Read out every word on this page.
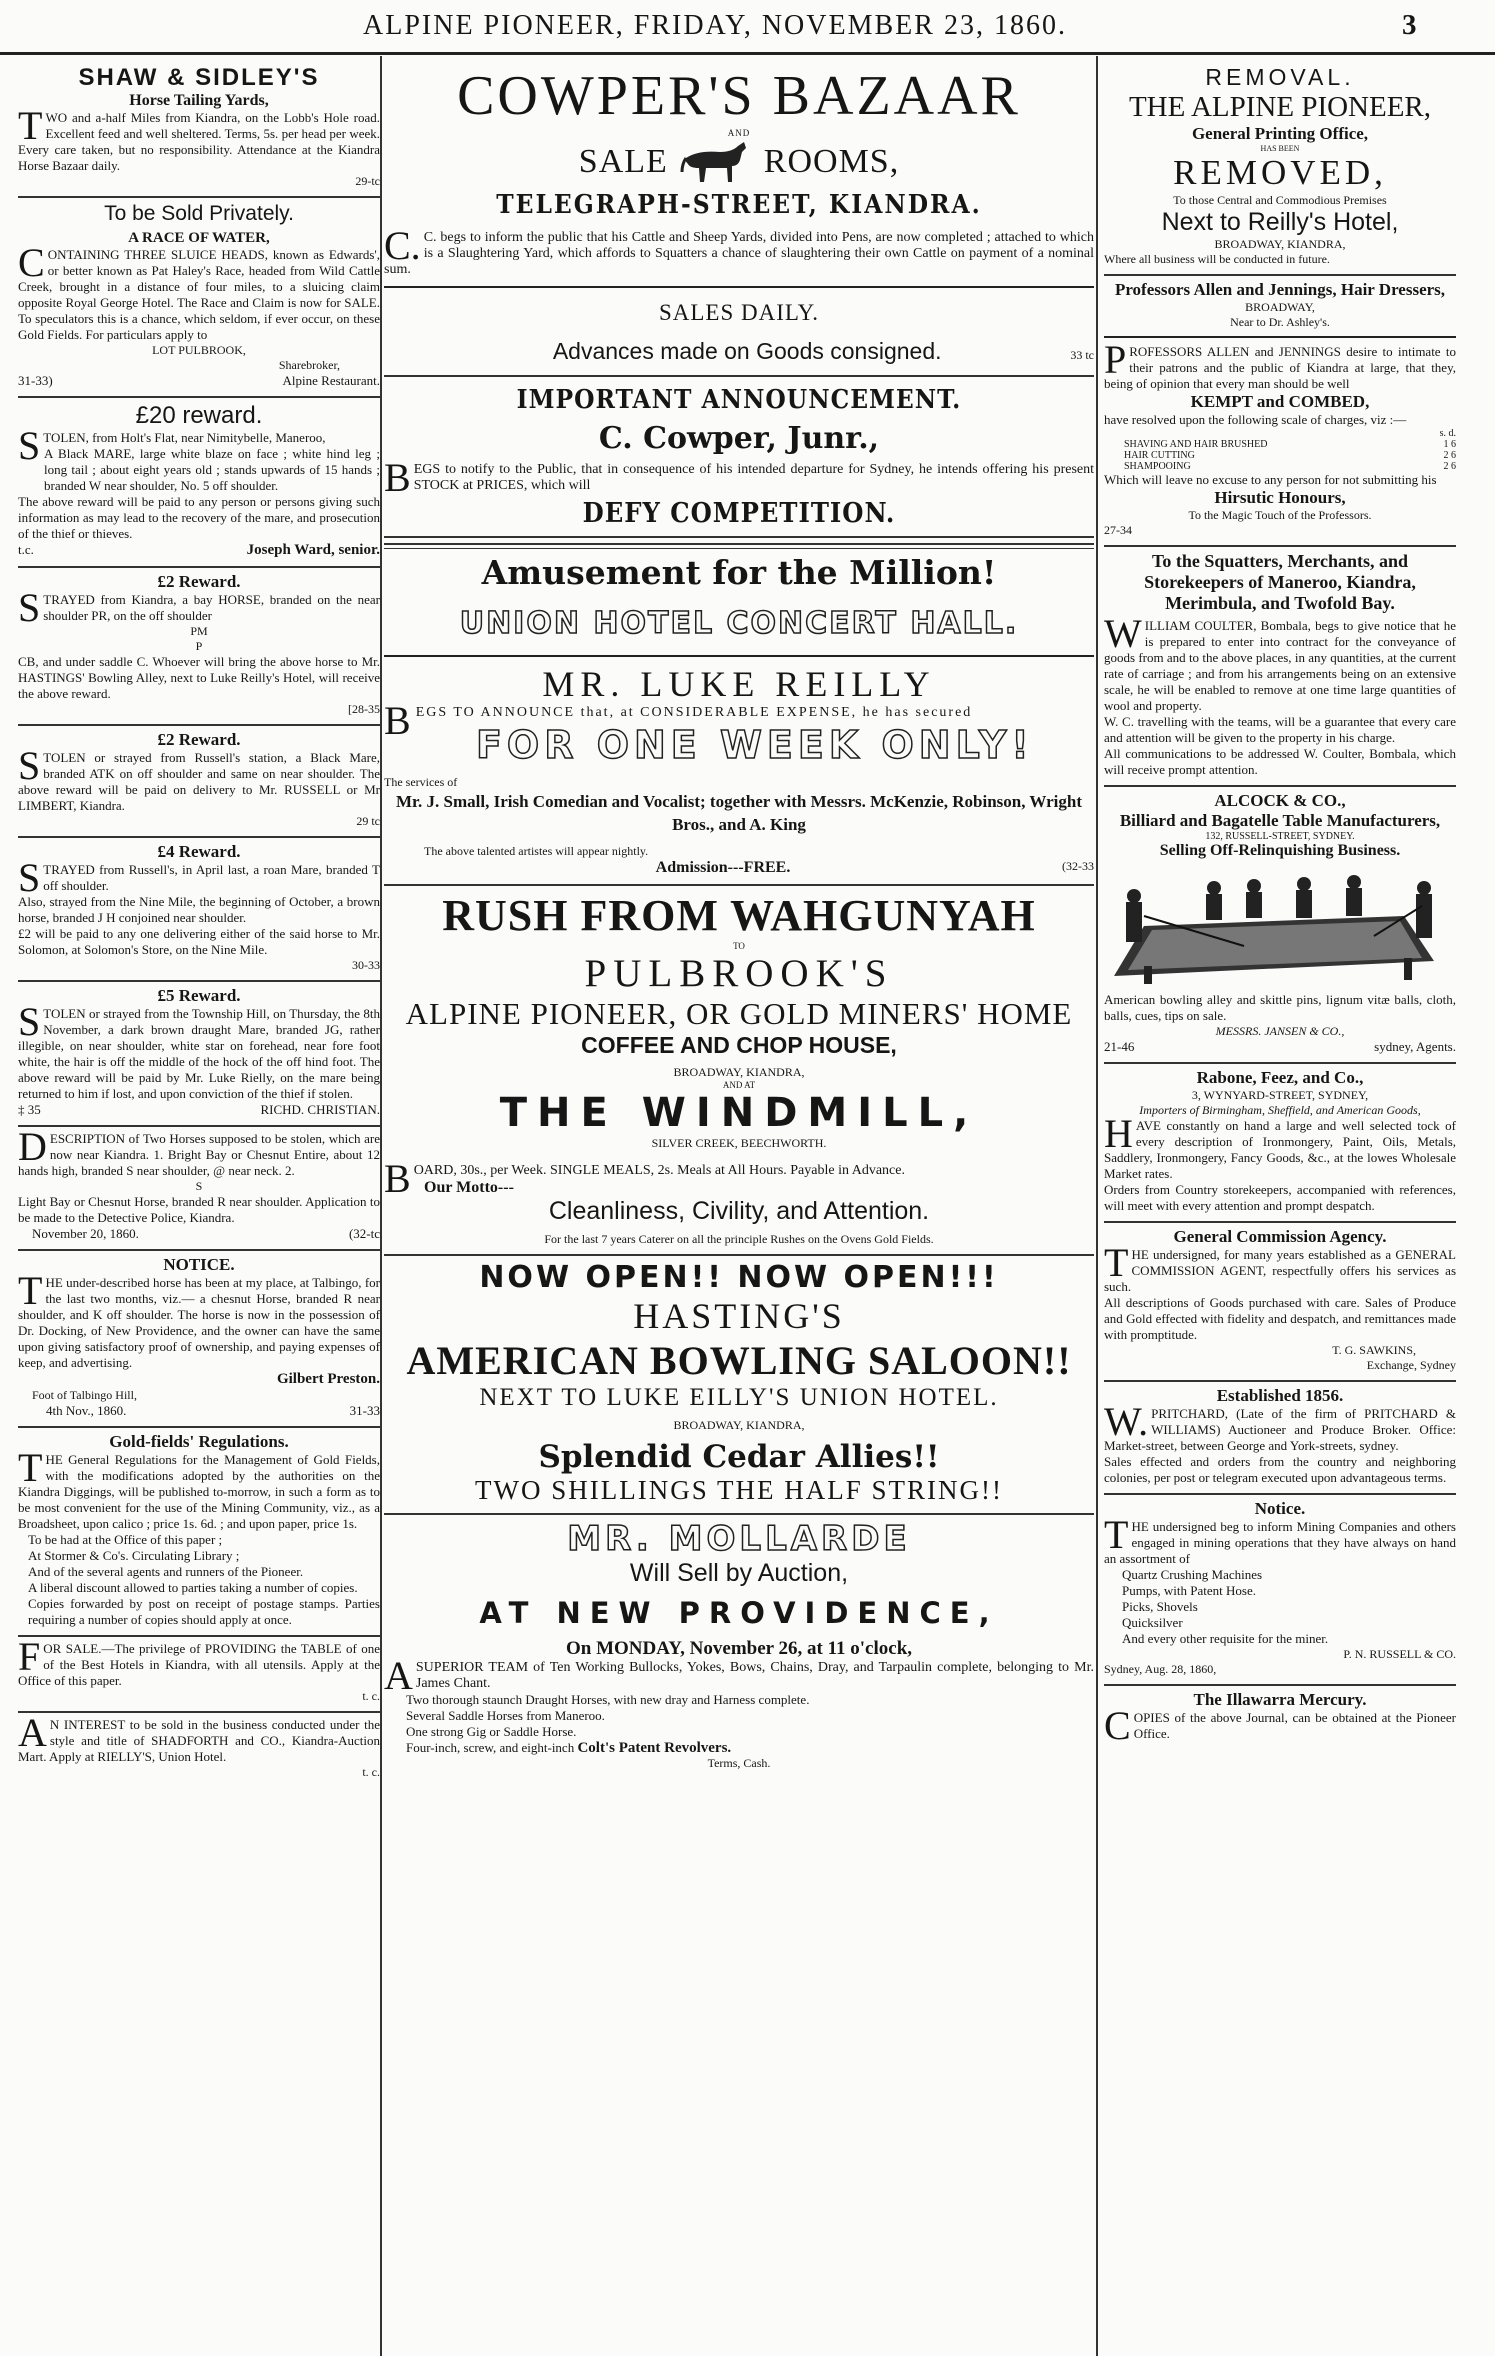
ALPINE PIONEER, FRIDAY, NOVEMBER 23, 1860.	3
SHAW & SIDLEY'S
Horse Tailing Yards,
TWO and a-half Miles from Kiandra, on the Lobb's Hole road. Excellent feed and well sheltered. Terms, 5s. per head per week. Every care taken, but no responsibility. Attendance at the Kiandra Horse Bazaar daily.
29-tc
To be Sold Privately.
A RACE OF WATER,
CONTAINING THREE SLUICE HEADS, known as Edwards', or better known as Pat Haley's Race, headed from Wild Cattle Creek, brought in a distance of four miles, to a sluicing claim opposite Royal George Hotel. The Race and Claim is now for SALE. To speculators this is a chance, which seldom, if ever occur, on these Gold Fields. For particulars apply to
LOT PULBROOK,
Sharebroker,
31-33)	Alpine Restaurant.
£20 reward.
STOLEN, from Holt's Flat, near Nimitybelle, Maneroo,
A Black MARE, large white blaze on face ; white hind leg ; long tail ; about eight years old ; stands upwards of 15 hands ; branded W near shoulder, No. 5 off shoulder.
The above reward will be paid to any person or persons giving such information as may lead to the recovery of the mare, and prosecution of the thief or thieves.
t.c.	Joseph Ward, senior.
£2 Reward.
STRAYED from Kiandra, a bay HORSE, branded on the near shoulder PR, on the off shoulder
PM
P
CB, and under saddle C. Whoever will bring the above horse to Mr. HASTINGS' Bowling Alley, next to Luke Reilly's Hotel, will receive the above reward.
[28-35
£2 Reward.
STOLEN or strayed from Russell's station, a Black Mare, branded ATK on off shoulder and same on near shoulder. The above reward will be paid on delivery to Mr. RUSSELL or Mr LIMBERT, Kiandra.
29 tc
£4 Reward.
STRAYED from Russell's, in April last, a roan Mare, branded T off shoulder.
Also, strayed from the Nine Mile, the beginning of October, a brown horse, branded J H conjoined near shoulder.
£2 will be paid to any one delivering either of the said horse to Mr. Solomon, at Solomon's Store, on the Nine Mile.
30-33
£5 Reward.
STOLEN or strayed from the Township Hill, on Thursday, the 8th November, a dark brown draught Mare, branded JG, rather illegible, on near shoulder, white star on forehead, near fore foot white, the hair is off the middle of the hock of the off hind foot. The above reward will be paid by Mr. Luke Rielly, on the mare being returned to him if lost, and upon conviction of the thief if stolen.
‡ 35	RICHD. CHRISTIAN.
DESCRIPTION of Two Horses supposed to be stolen, which are now near Kiandra. 1. Bright Bay or Chesnut Entire, about 12 hands high, branded S near shoulder, @ near neck. 2.
S
Light Bay or Chesnut Horse, branded R near shoulder. Application to be made to the Detective Police, Kiandra.
November 20, 1860.	(32-tc
NOTICE.
THE under-described horse has been at my place, at Talbingo, for the last two months, viz.— a chesnut Horse, branded R near shoulder, and K off shoulder. The horse is now in the possession of Dr. Docking, of New Providence, and the owner can have the same upon giving satisfactory proof of ownership, and paying expenses of keep, and advertising.
Gilbert Preston.
Foot of Talbingo Hill,
4th Nov., 1860.	31-33
Gold-fields' Regulations.
THE General Regulations for the Management of Gold Fields, with the modifications adopted by the authorities on the Kiandra Diggings, will be published to-morrow, in such a form as to be most convenient for the use of the Mining Community, viz., as a Broadsheet, upon calico ; price 1s. 6d. ; and upon paper, price 1s.
To be had at the Office of this paper ;
At Stormer & Co's. Circulating Library ;
And of the several agents and runners of the Pioneer.
A liberal discount allowed to parties taking a number of copies.
Copies forwarded by post on receipt of postage stamps. Parties requiring a number of copies should apply at once.
FOR SALE.—The privilege of PROVIDING the TABLE of one of the Best Hotels in Kiandra, with all utensils. Apply at the Office of this paper.
t. c.
AN INTEREST to be sold in the business conducted under the style and title of SHADFORTH and CO., Kiandra-Auction Mart. Apply at RIELLY'S, Union Hotel.
t. c.
COWPER'S BAZAAR
AND
SALE	ROOMS,
TELEGRAPH-STREET, KIANDRA.
C.C. begs to inform the public that his Cattle and Sheep Yards, divided into Pens, are now completed ; attached to which is a Slaughtering Yard, which affords to Squatters a chance of slaughtering their own Cattle on payment of a nominal sum.
SALES DAILY.
Advances made on Goods consigned.	33 tc
IMPORTANT ANNOUNCEMENT.
C. Cowper, Junr.,
BEGS to notify to the Public, that in consequence of his intended departure for Sydney, he intends offering his present STOCK at PRICES, which will
DEFY COMPETITION.
Amusement for the Million!
UNION HOTEL CONCERT HALL.
MR. LUKE REILLY
BEGS TO ANNOUNCE that, at CONSIDERABLE EXPENSE, he has secured
FOR ONE WEEK ONLY!
The services of
Mr. J. Small, Irish Comedian and Vocalist; together with Messrs. McKenzie, Robinson, Wright Bros., and A. King
The above talented artistes will appear nightly.
Admission---FREE.	(32-33
RUSH FROM WAHGUNYAH
TO
PULBROOK'S
ALPINE PIONEER, OR GOLD MINERS' HOME
COFFEE AND CHOP HOUSE,
BROADWAY, KIANDRA,
AND AT
THE WINDMILL,
SILVER CREEK, BEECHWORTH.
BOARD, 30s., per Week. SINGLE MEALS, 2s. Meals at All Hours. Payable in Advance.
Our Motto---
Cleanliness, Civility, and Attention.
For the last 7 years Caterer on all the principle Rushes on the Ovens Gold Fields.
NOW OPEN!! NOW OPEN!!!
HASTING'S
AMERICAN BOWLING SALOON!!
NEXT TO LUKE EILLY'S UNION HOTEL.
BROADWAY, KIANDRA,
Splendid Cedar Allies!!
TWO SHILLINGS THE HALF STRING!!
MR. MOLLARDE
Will Sell by Auction,
AT NEW PROVIDENCE,
On MONDAY, November 26, at 11 o'clock,
ASUPERIOR TEAM of Ten Working Bullocks, Yokes, Bows, Chains, Dray, and Tarpaulin complete, belonging to Mr. James Chant.
Two thorough staunch Draught Horses, with new dray and Harness complete.
Several Saddle Horses from Maneroo.
One strong Gig or Saddle Horse.
Four-inch, screw, and eight-inch Colt's Patent Revolvers.
Terms, Cash.
REMOVAL.
THE ALPINE PIONEER,
General Printing Office,
HAS BEEN
REMOVED,
To those Central and Commodious Premises
Next to Reilly's Hotel,
BROADWAY, KIANDRA,
Where all business will be conducted in future.
Professors Allen and Jennings, Hair Dressers,
BROADWAY,
Near to Dr. Ashley's.
PROFESSORS ALLEN and JENNINGS desire to intimate to their patrons and the public of Kiandra at large, that they, being of opinion that every man should be well
KEMPT and COMBED,
have resolved upon the following scale of charges, viz :—
s. d.
SHAVING AND HAIR BRUSHED	1 6
HAIR CUTTING	2 6
SHAMPOOING	2 6
Which will leave no excuse to any person for not submitting his
Hirsutic Honours,
To the Magic Touch of the Professors.
27-34
To the Squatters, Merchants, and Storekeepers of Maneroo, Kiandra, Merimbula, and Twofold Bay.
WILLIAM COULTER, Bombala, begs to give notice that he is prepared to enter into contract for the conveyance of goods from and to the above places, in any quantities, at the current rate of carriage ; and from his arrangements being on an extensive scale, he will be enabled to remove at one time large quantities of wool and property.
W. C. travelling with the teams, will be a guarantee that every care and attention will be given to the property in his charge.
All communications to be addressed W. Coulter, Bombala, which will receive prompt attention.
ALCOCK & CO.,
Billiard and Bagatelle Table Manufacturers,
132, RUSSELL-STREET, SYDNEY.
Selling Off-Relinquishing Business.
American bowling alley and skittle pins, lignum vitæ balls, cloth, balls, cues, tips on sale.
MESSRS. JANSEN & CO.,
21-46	sydney, Agents.
Rabone, Feez, and Co.,
3, WYNYARD-STREET, SYDNEY,
Importers of Birmingham, Sheffield, and American Goods,
HAVE constantly on hand a large and well selected tock of every description of Ironmongery, Paint, Oils, Metals, Saddlery, Ironmongery, Fancy Goods, &c., at the lowes Wholesale Market rates.
Orders from Country storekeepers, accompanied with references, will meet with every attention and prompt despatch.
General Commission Agency.
THE undersigned, for many years established as a GENERAL COMMISSION AGENT, respectfully offers his services as such.
All descriptions of Goods purchased with care. Sales of Produce and Gold effected with fidelity and despatch, and remittances made with promptitude.
T. G. SAWKINS,
Exchange, Sydney
Established 1856.
W.PRITCHARD, (Late of the firm of PRITCHARD & WILLIAMS) Auctioneer and Produce Broker. Office: Market-street, between George and York-streets, sydney.
Sales effected and orders from the country and neighboring colonies, per post or telegram executed upon advantageous terms.
Notice.
THE undersigned beg to inform Mining Companies and others engaged in mining operations that they have always on hand an assortment of
Quartz Crushing Machines
Pumps, with Patent Hose.
Picks, Shovels
Quicksilver
And every other requisite for the miner.
P. N. RUSSELL & CO.
Sydney, Aug. 28, 1860,
The Illawarra Mercury.
COPIES of the above Journal, can be obtained at the Pioneer Office.
